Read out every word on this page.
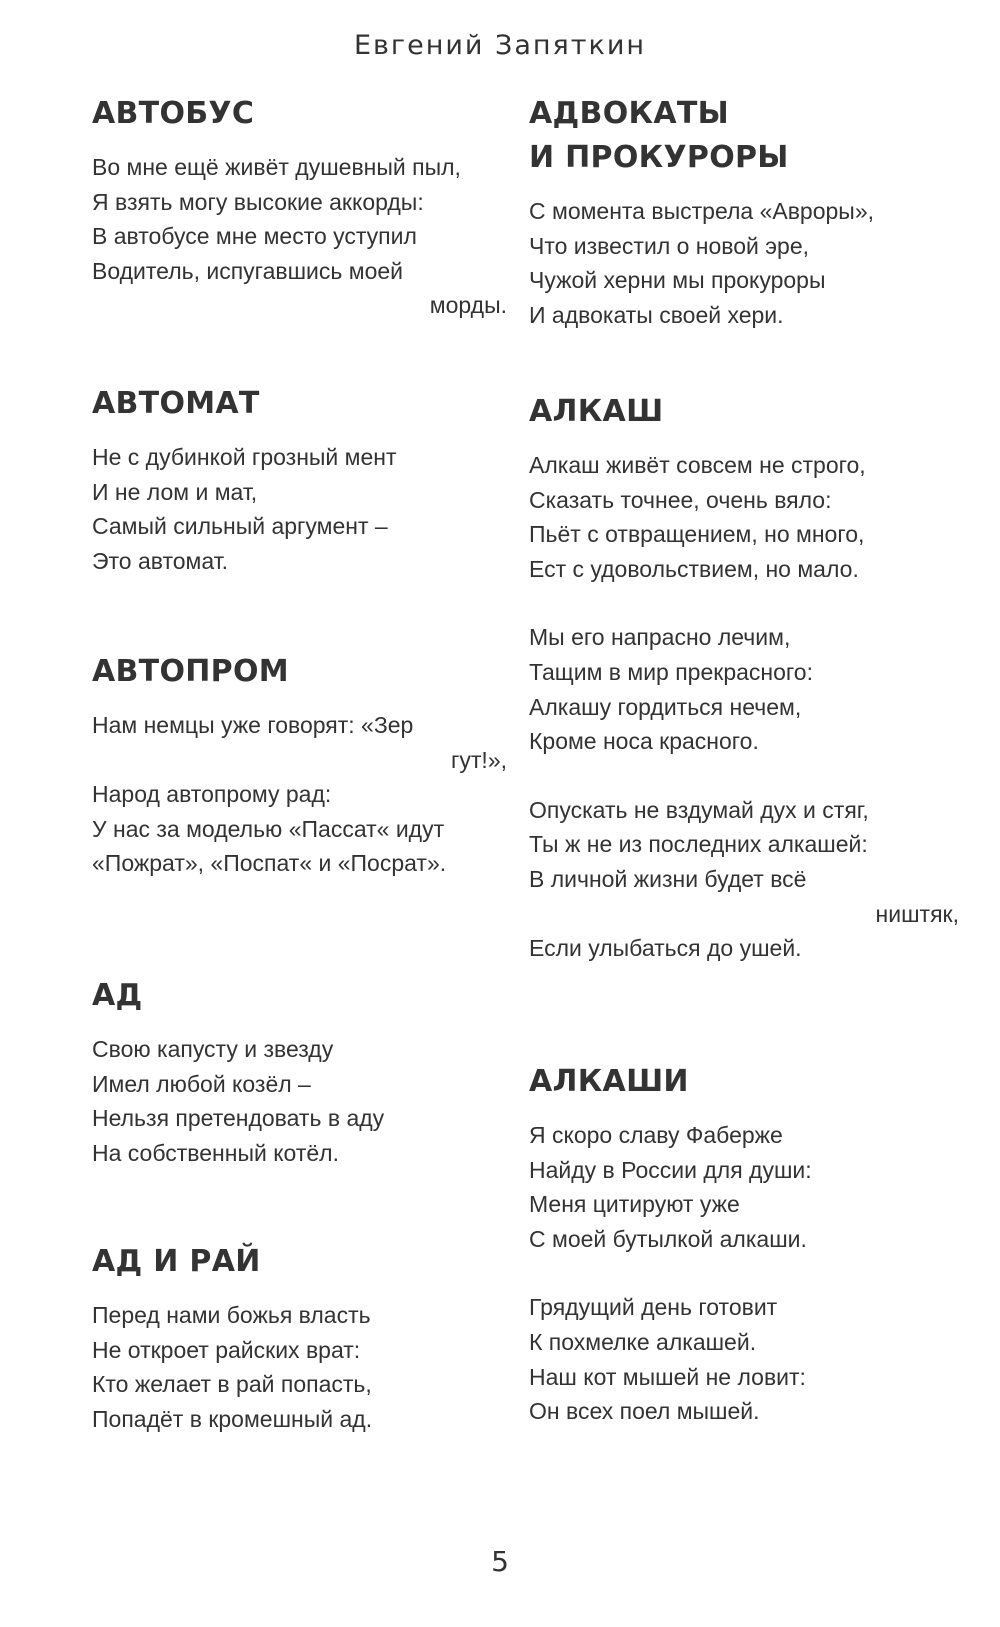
Евгений Запяткин
АВТОБУС
Во мне ещё живёт душевный пыл,
Я взять могу высокие аккорды:
В автобусе мне место уступил
Водитель, испугавшись моей
морды.
АВТОМАТ
Не с дубинкой грозный мент
И не лом и мат,
Самый сильный аргумент –
Это автомат.
АВТОПРОМ
Нам немцы уже говорят: «Зер
гут!»,
Народ автопрому рад:
У нас за моделью «Пассат« идут
«Пожрат», «Поспат« и «Посрат».
АД
Свою капусту и звезду
Имел любой козёл –
Нельзя претендовать в аду
На собственный котёл.
АД И РАЙ
Перед нами божья власть
Не откроет райских врат:
Кто желает в рай попасть,
Попадёт в кромешный ад.
АДВОКАТЫ
И ПРОКУРОРЫ
С момента выстрела «Авроры»,
Что известил о новой эре,
Чужой херни мы прокуроры
И адвокаты своей хери.
АЛКАШ
Алкаш живёт совсем не строго,
Сказать точнее, очень вяло:
Пьёт с отвращением, но много,
Ест с удовольствием, но мало.
Мы его напрасно лечим,
Тащим в мир прекрасного:
Алкашу гордиться нечем,
Кроме носа красного.
Опускать не вздумай дух и стяг,
Ты ж не из последних алкашей:
В личной жизни будет всё
ништяк,
Если улыбаться до ушей.
АЛКАШИ
Я скоро славу Фаберже
Найду в России для души:
Меня цитируют уже
С моей бутылкой алкаши.
Грядущий день готовит
К похмелке алкашей.
Наш кот мышей не ловит:
Он всех поел мышей.
5
